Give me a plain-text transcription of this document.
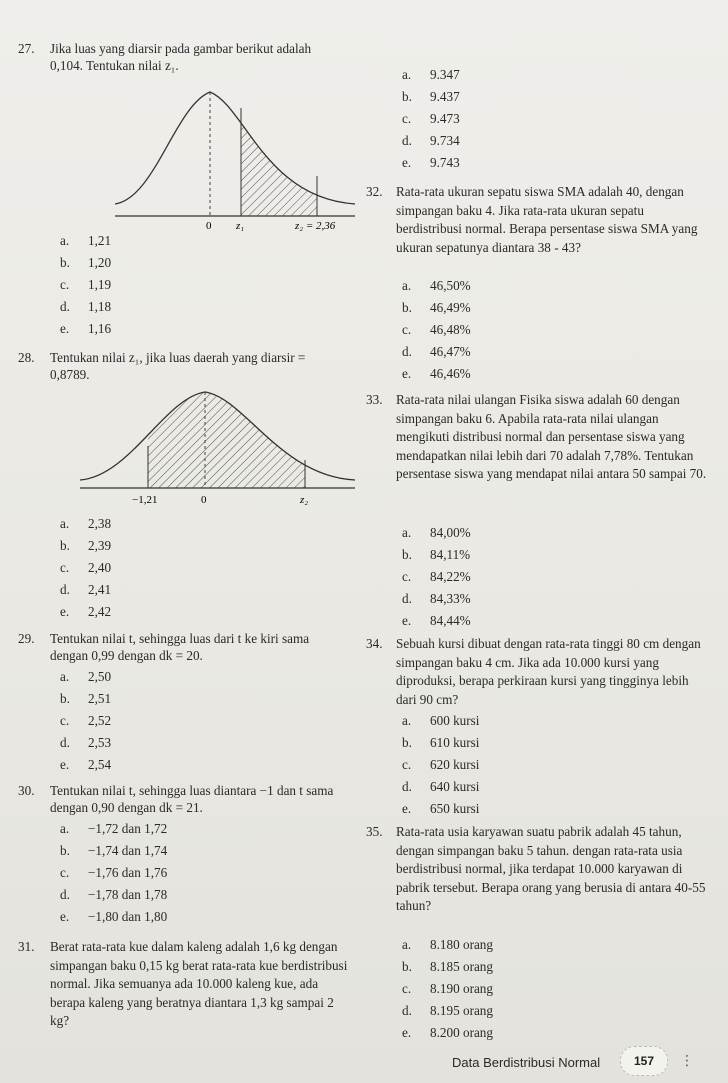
27.	Jika luas yang diarsir pada gambar berikut adalah 0,104. Tentukan nilai z₁.
0 z₁	z₂ = 2,36
a. 1,21
b. 1,20
c. 1,19
d. 1,18
e. 1,16
28.	Tentukan nilai z₁, jika luas daerah yang diarsir = 0,8789.
−1,21	0	z₂
a. 2,38
b. 2,39
c. 2,40
d. 2,41
e. 2,42
29.	Tentukan nilai t, sehingga luas dari t ke kiri sama dengan 0,99 dengan dk = 20.
a. 2,50
b. 2,51
c. 2,52
d. 2,53
e. 2,54
30.	Tentukan nilai t, sehingga luas diantara −1 dan t sama dengan 0,90 dengan dk = 21.
a. −1,72 dan 1,72
b. −1,74 dan 1,74
c. −1,76 dan 1,76
d. −1,78 dan 1,78
e. −1,80 dan 1,80
31.	Berat rata-rata kue dalam kaleng adalah 1,6 kg dengan simpangan baku 0,15 kg berat rata-rata kue berdistribusi normal. Jika semuanya ada 10.000 kaleng kue, ada berapa kaleng yang beratnya diantara 1,3 kg sampai 2 kg?
a. 9.347
b. 9.437
c. 9.473
d. 9.734
e. 9.743
32.	Rata-rata ukuran sepatu siswa SMA adalah 40, dengan simpangan baku 4. Jika rata-rata ukuran sepatu berdistribusi normal. Berapa persentase siswa SMA yang ukuran sepatunya diantara 38 - 43?
a. 46,50%
b. 46,49%
c. 46,48%
d. 46,47%
e. 46,46%
33.	Rata-rata nilai ulangan Fisika siswa adalah 60 dengan simpangan baku 6. Apabila rata-rata nilai ulangan mengikuti distribusi normal dan persentase siswa yang mendapatkan nilai lebih dari 70 adalah 7,78%. Tentukan persentase siswa yang mendapat nilai antara 50 sampai 70.
a. 84,00%
b. 84,11%
c. 84,22%
d. 84,33%
e. 84,44%
34.	Sebuah kursi dibuat dengan rata-rata tinggi 80 cm dengan simpangan baku 4 cm. Jika ada 10.000 kursi yang diproduksi, berapa perkiraan kursi yang tingginya lebih dari 90 cm?
a. 600 kursi
b. 610 kursi
c. 620 kursi
d. 640 kursi
e. 650 kursi
35.	Rata-rata usia karyawan suatu pabrik adalah 45 tahun, dengan simpangan baku 5 tahun. dengan rata-rata usia berdistribusi normal, jika terdapat 10.000 karyawan di pabrik tersebut. Berapa orang yang berusia di antara 40-55 tahun?
a. 8.180 orang
b. 8.185 orang
c. 8.190 orang
d. 8.195 orang
e. 8.200 orang
Data Berdistribusi Normal	157	⋮
